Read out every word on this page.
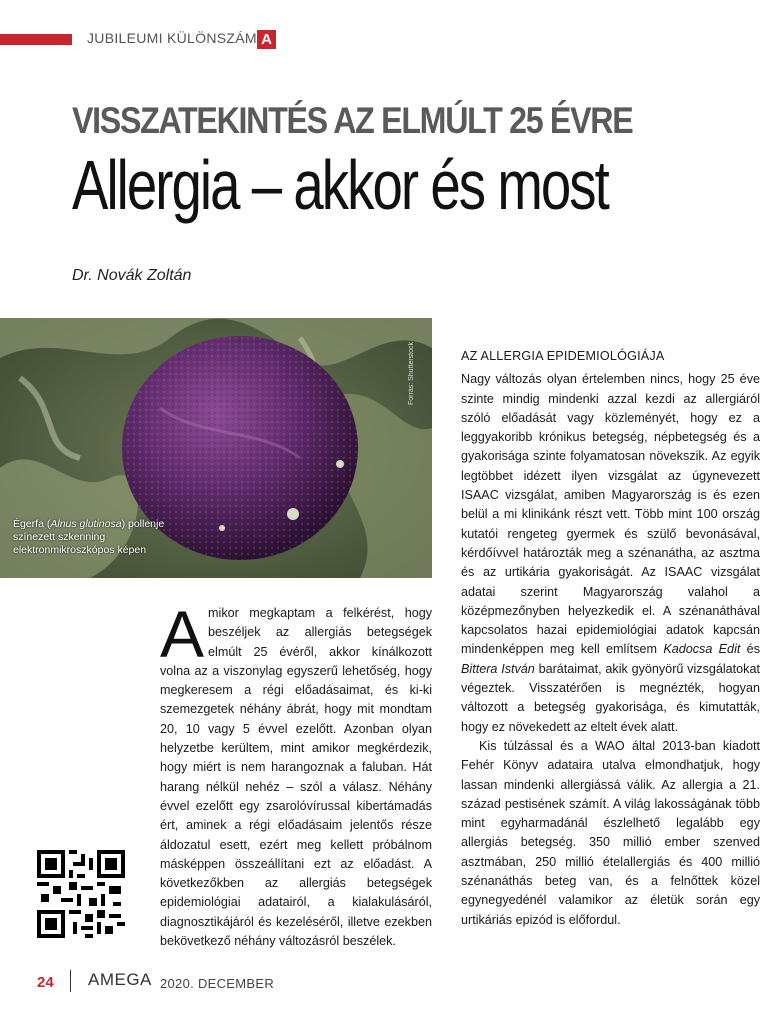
JUBILEUMI KÜLÖNSZÁM A
VISSZATEKINTÉS AZ ELMÚLT 25 ÉVRE
Allergia – akkor és most
Dr. Novák Zoltán
Forrás: Shutterstock
Égerfa (Alnus glutinosa) pollenje színezett szkenning elektronmikroszkópos képen
A mikor megkaptam a felkérést, hogy beszéljek az allergiás betegségek elmúlt 25 évéről, akkor kínálkozott volna az a viszonylag egyszerű lehetőség, hogy megkeresem a régi előadásaimat, és ki-ki szemezgetek néhány ábrát, hogy mit mondtam 20, 10 vagy 5 évvel ezelőtt. Azonban olyan helyzetbe kerültem, mint amikor megkérdezik, hogy miért is nem harangoznak a faluban. Hát harang nélkül nehéz – szól a válasz. Néhány évvel ezelőtt egy zsarolóvírussal kibertámadás ért, aminek a régi előadásaim jelentős része áldozatul esett, ezért meg kellett próbálnom másképpen összeállítani ezt az előadást. A következőkben az allergiás betegségek epidemiológiai adatairól, a kialakulásáról, diagnosztikájáról és kezeléséről, illetve ezekben bekövetkező néhány változásról beszélek.

AZ ALLERGIA EPIDEMIOLÓGIÁJA

Nagy változás olyan értelemben nincs, hogy 25 éve szinte mindig mindenki azzal kezdi az allergiáról szóló előadását vagy közleményét, hogy ez a leggyakoribb krónikus betegség, népbetegség és a gyakorisága szinte folyamatosan növekszik. Az egyik legtöbbet idézett ilyen vizsgálat az úgynevezett ISAAC vizsgálat, amiben Magyarország is és ezen belül a mi klinikánk részt vett. Több mint 100 ország kutatói rengeteg gyermek és szülő bevonásával, kérdőívvel határozták meg a szénanátha, az asztma és az urtikária gyakoriságát. Az ISAAC vizsgálat adatai szerint Magyarország valahol a középmezőnyben helyezkedik el. A szénanáthával kapcsolatos hazai epidemiológiai adatok kapcsán mindenképpen meg kell említsem Kadocsa Edit és Bittera István barátaimat, akik gyönyörű vizsgálatokat végeztek. Visszatérően is megnézték, hogyan változott a betegség gyakorisága, és kimutatták, hogy ez növekedett az eltelt évek alatt.

Kis túlzással és a WAO által 2013-ban kiadott Fehér Könyv adataira utalva elmondhatjuk, hogy lassan mindenki allergiássá válik. Az allergia a 21. század pestisének számít. A világ lakosságának több mint egyharmadánál észlelhető legalább egy allergiás betegség. 350 millió ember szenved asztmában, 250 millió ételallergiás és 400 millió szénanáthás beteg van, és a felnőttek közel egynegyedénél valamikor az életük során egy urtikáriás epizód is előfordul.

24 AMEGA 2020. DECEMBER
